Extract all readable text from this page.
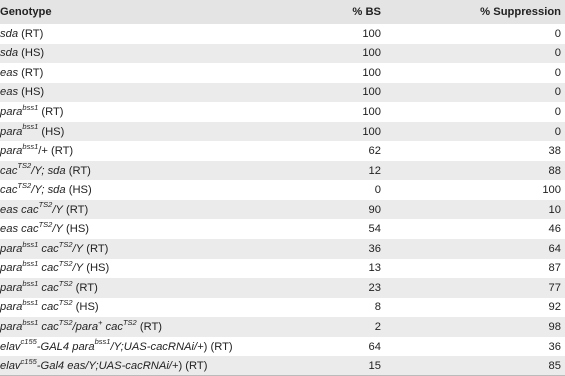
Genotype	% BS	% Suppression
sda (RT)	100	0
sda (HS)	100	0
eas (RT)	100	0
eas (HS)	100	0
para$^{bss1}$ (RT)	100	0
para$^{bss1}$ (HS)	100	0
para$^{bss1}$/+ (RT)	62	38
cac$^{TS2}$/Y; sda (RT)	12	88
cac$^{TS2}$/Y; sda (HS)	0	100
eas cac$^{TS2}$/Y (RT)	90	10
eas cac$^{TS2}$/Y (HS)	54	46
para$^{bss1}$ cac$^{TS2}$/Y (RT)	36	64
para$^{bss1}$ cac$^{TS2}$/Y (HS)	13	87
para$^{bss1}$ cac$^{TS2}$ (RT)	23	77
para$^{bss1}$ cac$^{TS2}$ (HS)	8	92
para$^{bss1}$ cac$^{TS2}$/para+ cac$^{TS2}$ (RT)	2	98
elav$^{c155}$-GAL4 para$^{bss1}$/Y;UAS-cacRNAi/+) (RT)	64	36
elav$^{c155}$-Gal4 eas/Y;UAS-cacRNAi/+) (RT)	15	85
